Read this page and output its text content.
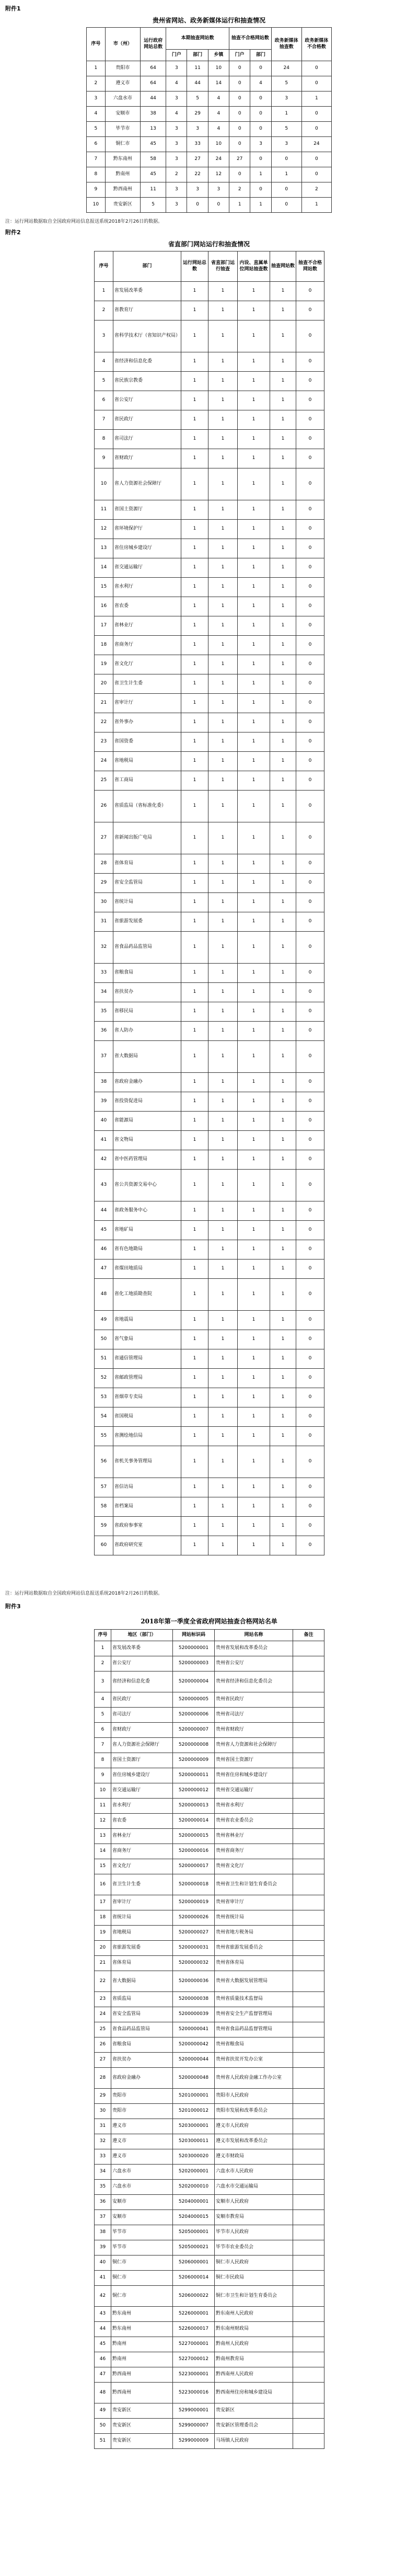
附件1
贵州省网站、政务新媒体运行和抽查情况
序号	市（州）	运行政府网站总数	本期抽查网站数			抽查不合格网站数		政务新媒体抽查数	政务新媒体不合格数
			门户	部门	乡镇	门户	部门		
1	贵阳市	64	3	11	10	0	0	24	0
2	遵义市	64	4	44	14	0	4	5	0
3	六盘水市	44	3	5	4	0	0	3	1
4	安顺市	38	4	29	4	0	0	1	0
5	毕节市	13	3	3	4	0	0	5	0
6	铜仁市	45	3	33	10	0	3	3	24
7	黔东南州	58	3	27	24	27	0	0	0
8	黔南州	45	2	22	12	0	1	1	0
9	黔西南州	11	3	3	3	2	0	0	2
10	贵安新区	5	3	0	0	1	1	0	1
注：运行网站数据取自全国政府网站信息报送系统2018年2月26日的数据。
附件2
省直部门网站运行和抽查情况
序号	部门	运行网站总数	省直部门运行抽查	内设、直属单位网站抽查数	抽查网站数	抽查不合格网站数
1	省发展改革委	1	1	1	1	0
2	省教育厅	1	1	1	1	0
3	省科学技术厅（省知识产权局）	1	1	1	1	0
4	省经济和信息化委	1	1	1	1	0
5	省民族宗教委	1	1	1	1	0
6	省公安厅	1	1	1	1	0
7	省民政厅	1	1	1	1	0
8	省司法厅	1	1	1	1	0
9	省财政厅	1	1	1	1	0
10	省人力资源社会保障厅	1	1	1	1	0
11	省国土资源厅	1	1	1	1	0
12	省环境保护厅	1	1	1	1	0
13	省住房城乡建设厅	1	1	1	1	0
14	省交通运输厅	1	1	1	1	0
15	省水利厅	1	1	1	1	0
16	省农委	1	1	1	1	0
17	省林业厅	1	1	1	1	0
18	省商务厅	1	1	1	1	0
19	省文化厅	1	1	1	1	0
20	省卫生计生委	1	1	1	1	0
21	省审计厅	1	1	1	1	0
22	省外事办	1	1	1	1	0
23	省国资委	1	1	1	1	0
24	省地税局	1	1	1	1	0
25	省工商局	1	1	1	1	0
26	省质监局（省标准化委）	1	1	1	1	0
27	省新闻出版广电局	1	1	1	1	0
28	省体育局	1	1	1	1	0
29	省安全监管局	1	1	1	1	0
30	省统计局	1	1	1	1	0
31	省旅游发展委	1	1	1	1	0
32	省食品药品监管局	1	1	1	1	0
33	省粮食局	1	1	1	1	0
34	省扶贫办	1	1	1	1	0
35	省移民局	1	1	1	1	0
36	省人防办	1	1	1	1	0
37	省大数据局	1	1	1	1	0
38	省政府金融办	1	1	1	1	0
39	省投资促进局	1	1	1	1	0
40	省能源局	1	1	1	1	0
41	省文物局	1	1	1	1	0
42	省中医药管理局	1	1	1	1	0
43	省公共资源交易中心	1	1	1	1	0
44	省政务服务中心	1	1	1	1	0
45	省地矿局	1	1	1	1	0
46	省有色地勘局	1	1	1	1	0
47	省煤田地质局	1	1	1	1	0
48	省化工地质勘查院	1	1	1	1	0
49	省地震局	1	1	1	1	0
50	省气象局	1	1	1	1	0
51	省通信管理局	1	1	1	1	0
52	省邮政管理局	1	1	1	1	0
53	省烟草专卖局	1	1	1	1	0
54	省国税局	1	1	1	1	0
55	省测绘地信局	1	1	1	1	0
56	省机关事务管理局	1	1	1	1	0
57	省信访局	1	1	1	1	0
58	省档案局	1	1	1	1	0
59	省政府参事室	1	1	1	1	0
60	省政府研究室	1	1	1	1	0
注：运行网站数据取自全国政府网站信息报送系统2018年2月26日的数据。
附件3
2018年第一季度全省政府网站抽查合格网站名单
序号	地区（部门）	网站标识码	网站名称	备注
1	省发展改革委	5200000001	贵州省发展和改革委员会	
2	省公安厅	5200000003	贵州省公安厅	
3	省经济和信息化委	5200000004	贵州省经济和信息化委员会	
4	省民政厅	5200000005	贵州省民政厅	
5	省司法厅	5200000006	贵州省司法厅	
6	省财政厅	5200000007	贵州省财政厅	
7	省人力资源社会保障厅	5200000008	贵州省人力资源和社会保障厅	
8	省国土资源厅	5200000009	贵州省国土资源厅	
9	省住房城乡建设厅	5200000011	贵州省住房和城乡建设厅	
10	省交通运输厅	5200000012	贵州省交通运输厅	
11	省水利厅	5200000013	贵州省水利厅	
12	省农委	5200000014	贵州省农业委员会	
13	省林业厅	5200000015	贵州省林业厅	
14	省商务厅	5200000016	贵州省商务厅	
15	省文化厅	5200000017	贵州省文化厅	
16	省卫生计生委	5200000018	贵州省卫生和计划生育委员会	
17	省审计厅	5200000019	贵州省审计厅	
18	省统计局	5200000026	贵州省统计局	
19	省地税局	5200000027	贵州省地方税务局	
20	省旅游发展委	5200000031	贵州省旅游发展委员会	
21	省体育局	5200000032	贵州省体育局	
22	省大数据局	5200000036	贵州省大数据发展管理局	
23	省质监局	5200000038	贵州省质量技术监督局	
24	省安全监管局	5200000039	贵州省安全生产监督管理局	
25	省食品药品监管局	5200000041	贵州省食品药品监督管理局	
26	省粮食局	5200000042	贵州省粮食局	
27	省扶贫办	5200000044	贵州省扶贫开发办公室	
28	省政府金融办	5200000048	贵州省人民政府金融工作办公室	
29	贵阳市	5201000001	贵阳市人民政府	
30	贵阳市	5201000012	贵阳市发展和改革委员会	
31	遵义市	5203000001	遵义市人民政府	
32	遵义市	5203000011	遵义市发展和改革委员会	
33	遵义市	5203000020	遵义市财政局	
34	六盘水市	5202000001	六盘水市人民政府	
35	六盘水市	5202000010	六盘水市交通运输局	
36	安顺市	5204000001	安顺市人民政府	
37	安顺市	5204000015	安顺市教育局	
38	毕节市	5205000001	毕节市人民政府	
39	毕节市	5205000021	毕节市农业委员会	
40	铜仁市	5206000001	铜仁市人民政府	
41	铜仁市	5206000014	铜仁市民政局	
42	铜仁市	5206000022	铜仁市卫生和计划生育委员会	
43	黔东南州	5226000001	黔东南州人民政府	
44	黔东南州	5226000017	黔东南州财政局	
45	黔南州	5227000001	黔南州人民政府	
46	黔南州	5227000012	黔南州教育局	
47	黔西南州	5223000001	黔西南州人民政府	
48	黔西南州	5223000016	黔西南州住房和城乡建设局	
49	贵安新区	5299000001	贵安新区	
50	贵安新区	5299000007	贵安新区管理委员会	
51	贵安新区	5299000009	马场镇人民政府	
